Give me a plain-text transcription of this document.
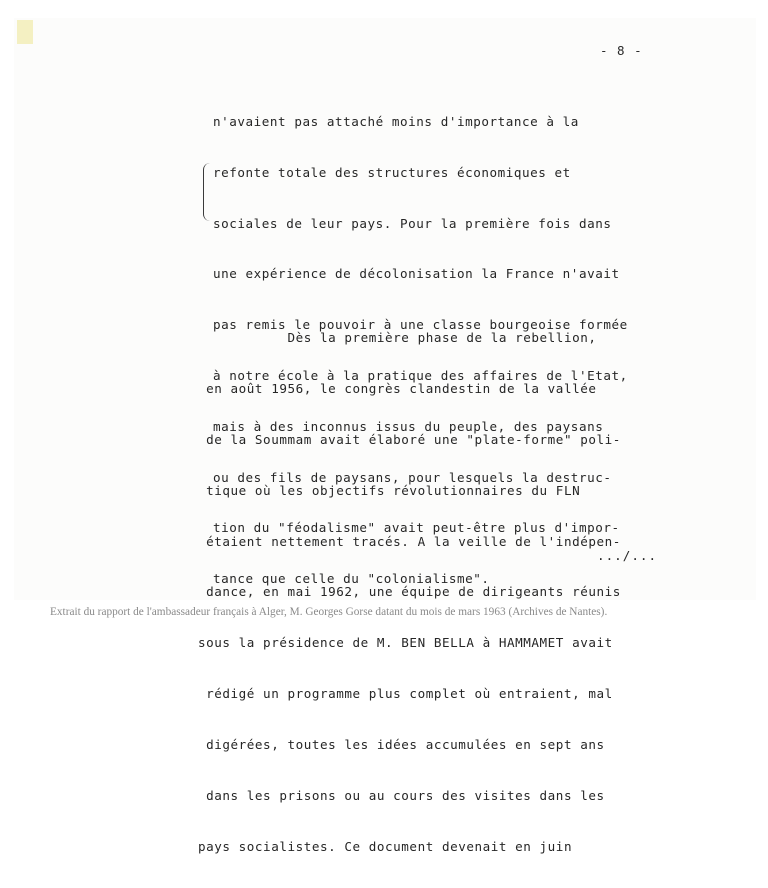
- 8 -

n'avaient pas attaché moins d'importance à la

refonte totale des structures économiques et

sociales de leur pays. Pour la première fois dans

une expérience de décolonisation la France n'avait

pas remis le pouvoir à une classe bourgeoise formée

à notre école à la pratique des affaires de l'Etat,

mais à des inconnus issus du peuple, des paysans

ou des fils de paysans, pour lesquels la destruc-

tion du "féodalisme" avait peut-être plus d'impor-

tance que celle du "colonialisme".

Dès la première phase de la rebellion,

en août 1956, le congrès clandestin de la vallée

de la Soummam avait élaboré une "plate-forme" poli-

tique où les objectifs révolutionnaires du FLN

étaient nettement tracés. A la veille de l'indépen-

dance, en mai 1962, une équipe de dirigeants réunis

sous la présidence de M. BEN BELLA à HAMMAMET avait

rédigé un programme plus complet où entraient, mal

digérées, toutes les idées accumulées en sept ans

dans les prisons ou au cours des visites dans les

pays socialistes. Ce document devenait en juin

.../...
Extrait du rapport de l'ambassadeur français à Alger, M. Georges Gorse datant du mois de mars 1963 (Archives de Nantes).
